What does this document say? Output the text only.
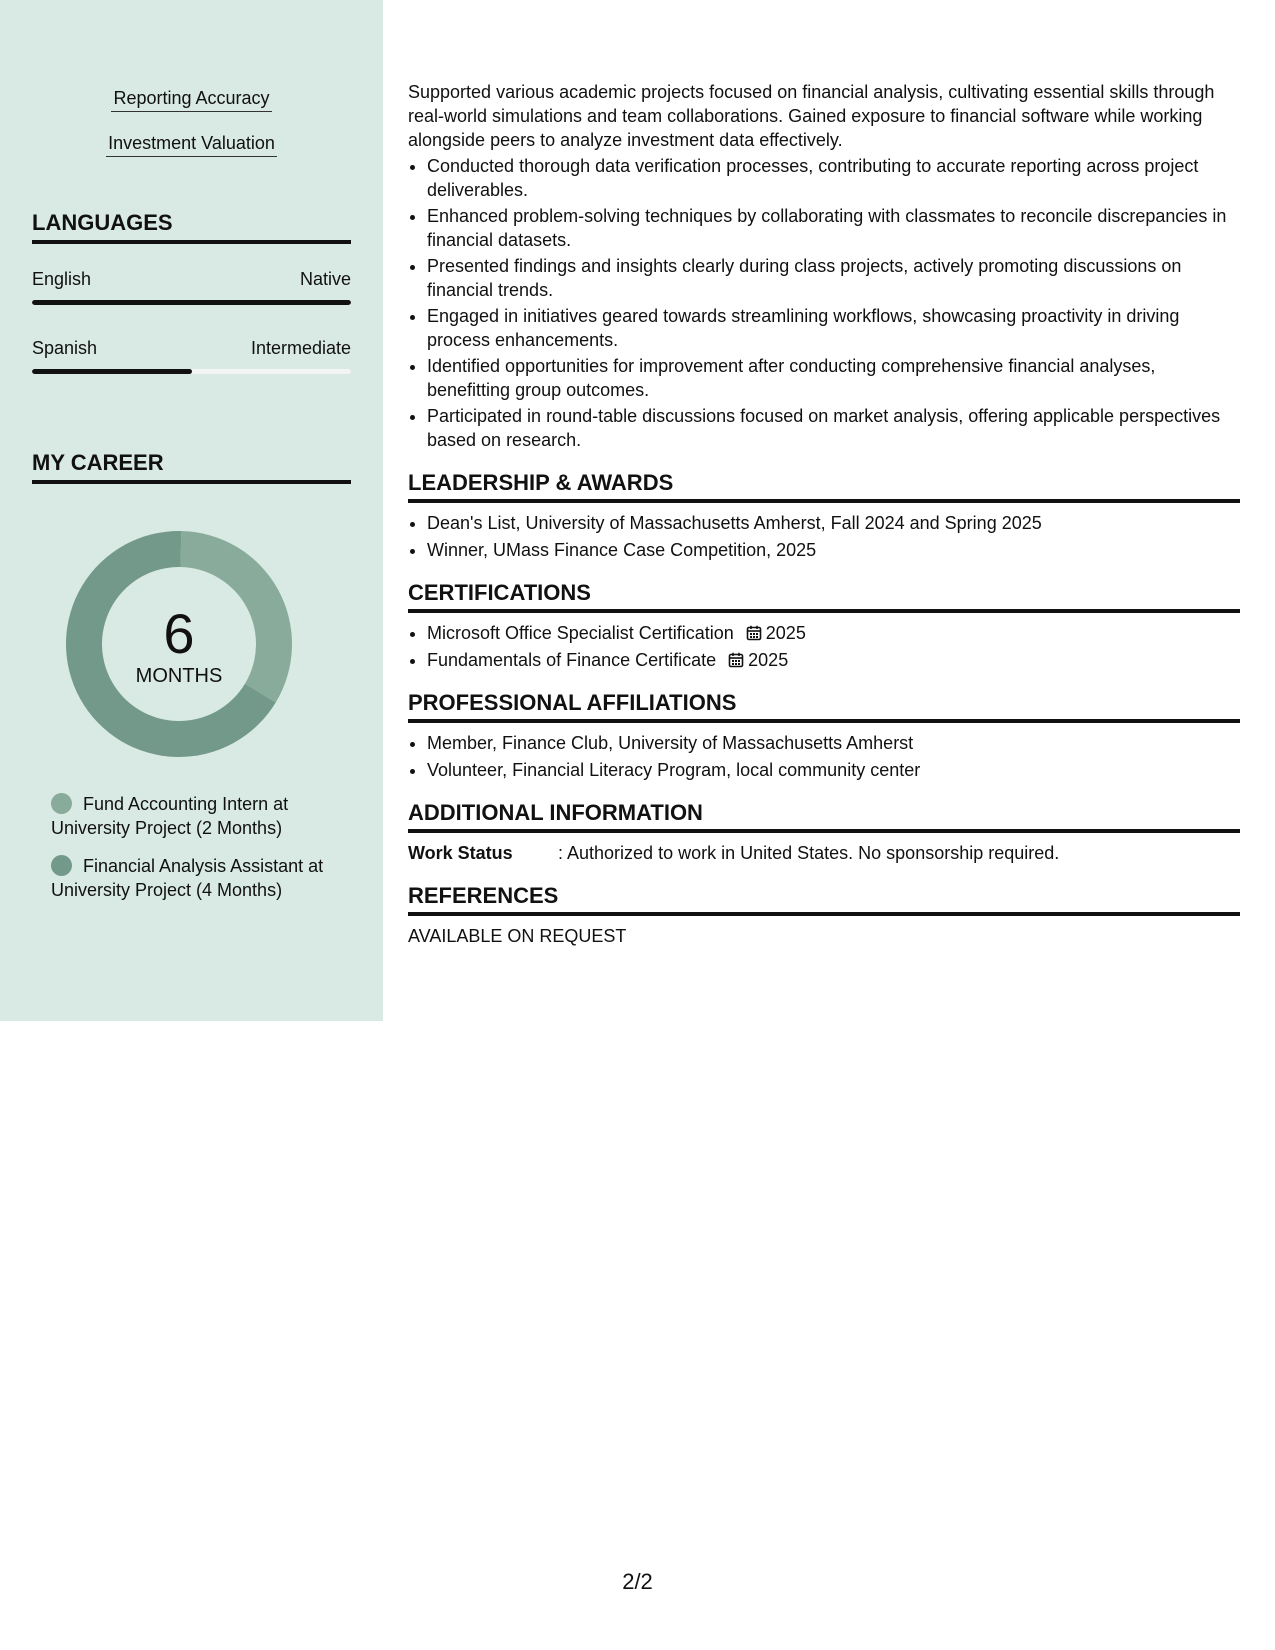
Reporting Accuracy
Investment Valuation
LANGUAGES
English	Native
Spanish	Intermediate
MY CAREER
6
MONTHS
Fund Accounting Intern at University Project (2 Months)
Financial Analysis Assistant at University Project (4 Months)

Supported various academic projects focused on financial analysis, cultivating essential skills through real-world simulations and team collaborations. Gained exposure to financial software while working alongside peers to analyze investment data effectively.

• Conducted thorough data verification processes, contributing to accurate reporting across project deliverables.
• Enhanced problem-solving techniques by collaborating with classmates to reconcile discrepancies in financial datasets.
• Presented findings and insights clearly during class projects, actively promoting discussions on financial trends.
• Engaged in initiatives geared towards streamlining workflows, showcasing proactivity in driving process enhancements.
• Identified opportunities for improvement after conducting comprehensive financial analyses, benefitting group outcomes.
• Participated in round-table discussions focused on market analysis, offering applicable perspectives based on research.
LEADERSHIP & AWARDS
• Dean's List, University of Massachusetts Amherst, Fall 2024 and Spring 2025
• Winner, UMass Finance Case Competition, 2025
CERTIFICATIONS
• Microsoft Office Specialist Certification 2025
• Fundamentals of Finance Certificate 2025
PROFESSIONAL AFFILIATIONS
• Member, Finance Club, University of Massachusetts Amherst
• Volunteer, Financial Literacy Program, local community center
ADDITIONAL INFORMATION
Work Status	: Authorized to work in United States. No sponsorship required.
REFERENCES
AVAILABLE ON REQUEST
2/2
